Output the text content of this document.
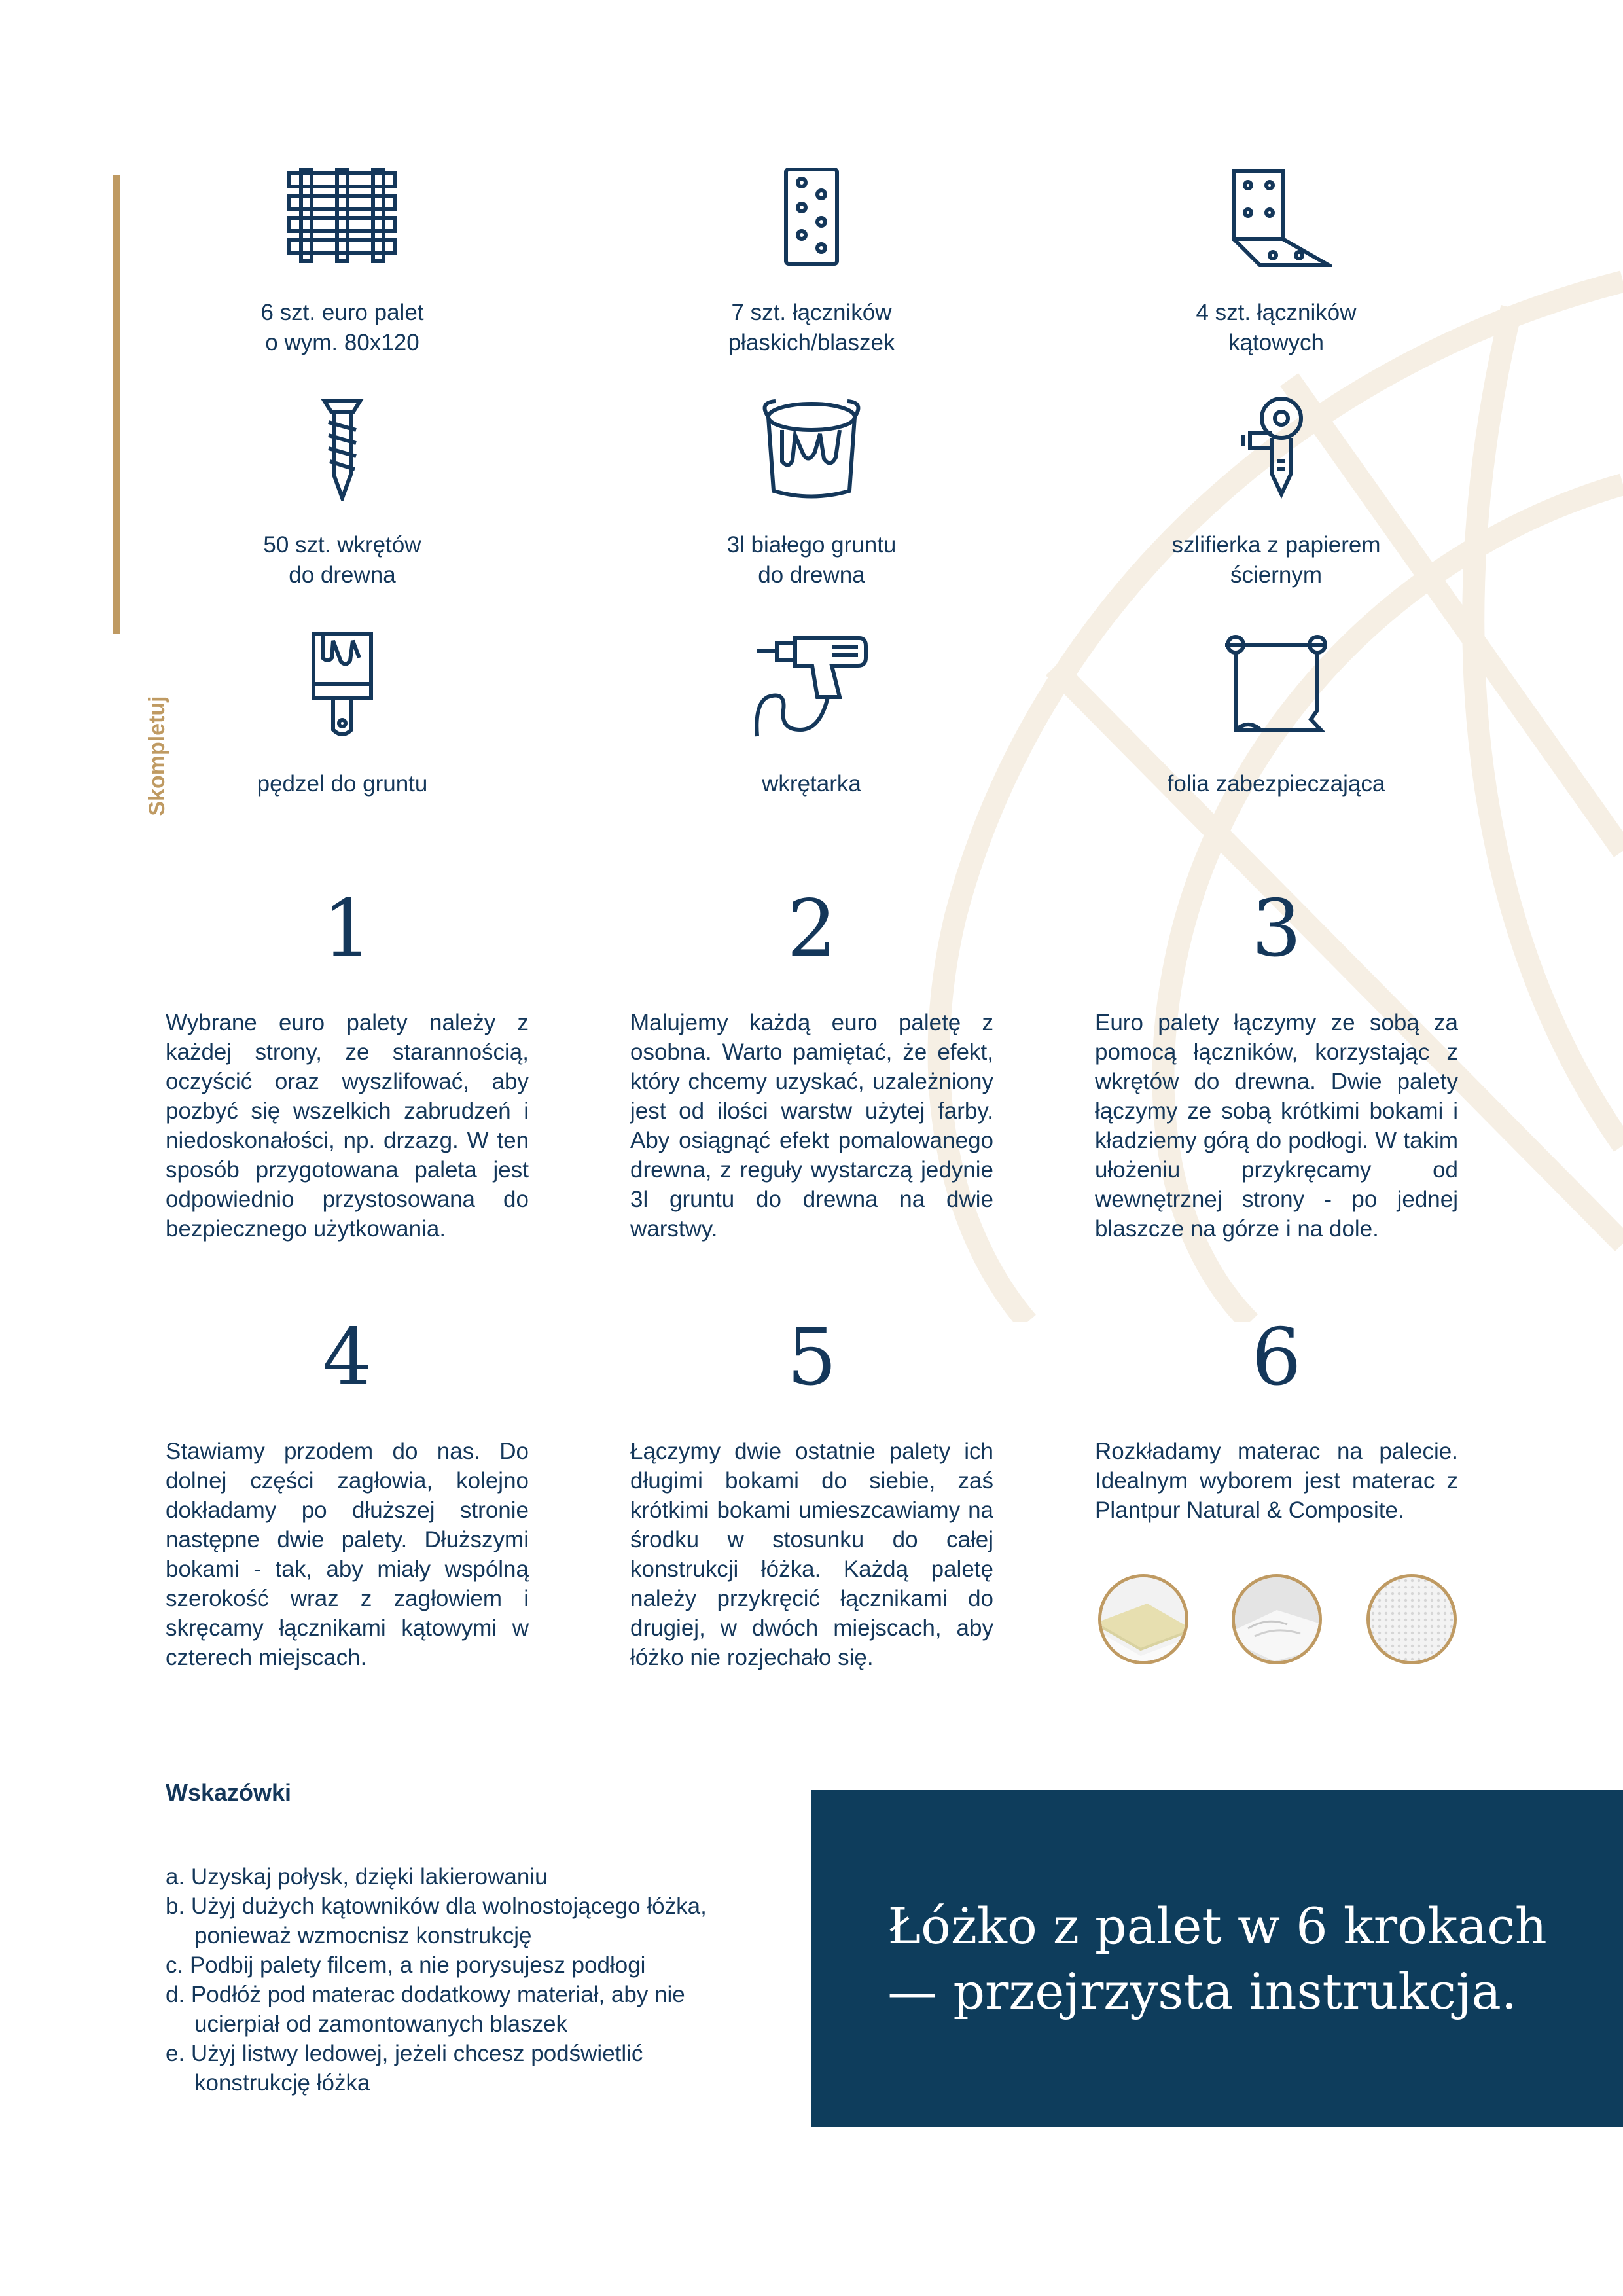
Skompletuj
6 szt. euro palet
o wym. 80x120
7 szt. łączników
płaskich/blaszek
4 szt. łączników
kątowych
50 szt. wkrętów
do drewna
3l białego gruntu
do drewna
szlifierka z papierem
ściernym
pędzel do gruntu	wkrętarka	folia zabezpieczająca
1
Wybrane euro palety należy z każdej strony, ze starannością, oczyścić oraz wyszlifować, aby pozbyć się wszelkich zabrudzeń i niedoskonałości, np. drzazg. W ten sposób przygotowana paleta jest odpowiednio przystosowana do bezpiecznego użytkowania.
2
Malujemy każdą euro paletę z osobna. Warto pamiętać, że efekt, który chcemy uzyskać, uzależniony jest od ilości warstw użytej farby. Aby osiągnąć efekt pomalowanego drewna, z reguły wystarczą jedynie 3l gruntu do drewna na dwie warstwy.
3
Euro palety łączymy ze sobą za pomocą łączników, korzystając z wkrętów do drewna. Dwie palety łączymy ze sobą krótkimi bokami i kładziemy górą do podłogi. W takim ułożeniu przykręcamy od wewnętrznej strony - po jednej blaszcze na górze i na dole.
4
Stawiamy przodem do nas. Do dolnej części zagłowia, kolejno dokładamy po dłuższej stronie następne dwie palety. Dłuższymi bokami - tak, aby miały wspólną szerokość wraz z zagłowiem i skręcamy łącznikami kątowymi w czterech miejscach.
5
Łączymy dwie ostatnie palety ich długimi bokami do siebie, zaś krótkimi bokami umieszcawiamy na środku w stosunku do całej konstrukcji łóżka. Każdą paletę należy przykręcić łącznikami do drugiej, w dwóch miejscach, aby łóżko nie rozjechało się.
6
Rozkładamy materac na palecie. Idealnym wyborem jest materac z Plantpur Natural & Composite.
Wskazówki
a. Uzyskaj połysk, dzięki lakierowaniu
b. Użyj dużych kątowników dla wolnostojącego łóżka, ponieważ wzmocnisz konstrukcję
c. Podbij palety filcem, a nie porysujesz podłogi
d. Podłóż pod materac dodatkowy materiał, aby nie ucierpiał od zamontowanych blaszek
e. Użyj listwy ledowej, jeżeli chcesz podświetlić konstrukcję łóżka
Łóżko z palet w 6 krokach
— przejrzysta instrukcja.
